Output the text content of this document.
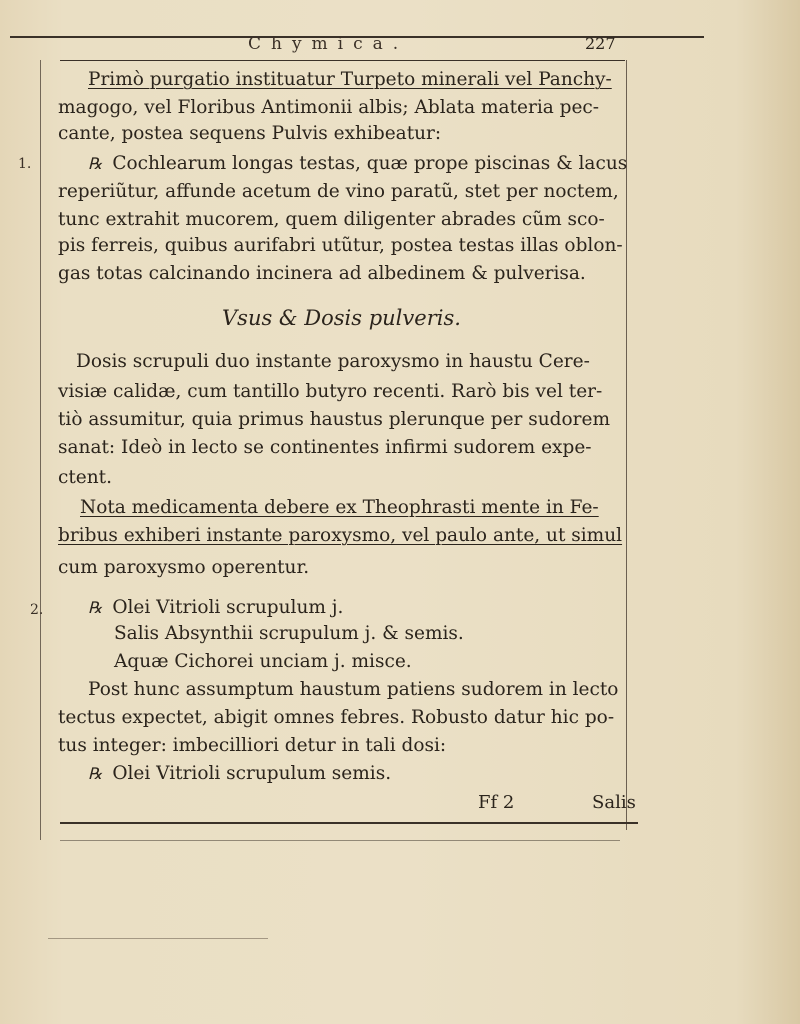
Chymica.	227
Primò purgatio instituatur Turpeto minerali vel Panchy-
magogo, vel Floribus Antimonii albis; Ablata materia pec-
cante, postea sequens Pulvis exhibeatur:
1.	℞ Cochlearum longas testas, quæ prope piscinas & lacus
reperiũtur, affunde acetum de vino paratũ, stet per noctem,
tunc extrahit mucorem, quem diligenter abrades cũm sco-
pis ferreis, quibus aurifabri utũtur, postea testas illas oblon-
gas totas calcinando incinera ad albedinem & pulverisa.
Vsus & Dosis pulveris.
Dosis scrupuli duo instante paroxysmo in haustu Cere-
visiæ calidæ, cum tantillo butyro recenti. Rarò bis vel ter-
tiò assumitur, quia primus haustus plerunque per sudorem
sanat: Ideò in lecto se continentes infirmi sudorem expe-
ctent.
Nota medicamenta debere ex Theophrasti mente in Fe-
bribus exhiberi instante paroxysmo, vel paulo ante, ut simul
cum paroxysmo operentur.
2.	℞ Olei Vitrioli scrupulum j.
Salis Absynthii scrupulum j. & semis.
Aquæ Cichorei unciam j. misce.
Post hunc assumptum haustum patiens sudorem in lecto
tectus expectet, abigit omnes febres. Robusto datur hic po-
tus integer: imbecilliori detur in tali dosi:
℞ Olei Vitrioli scrupulum semis.
Ff 2	Salis
